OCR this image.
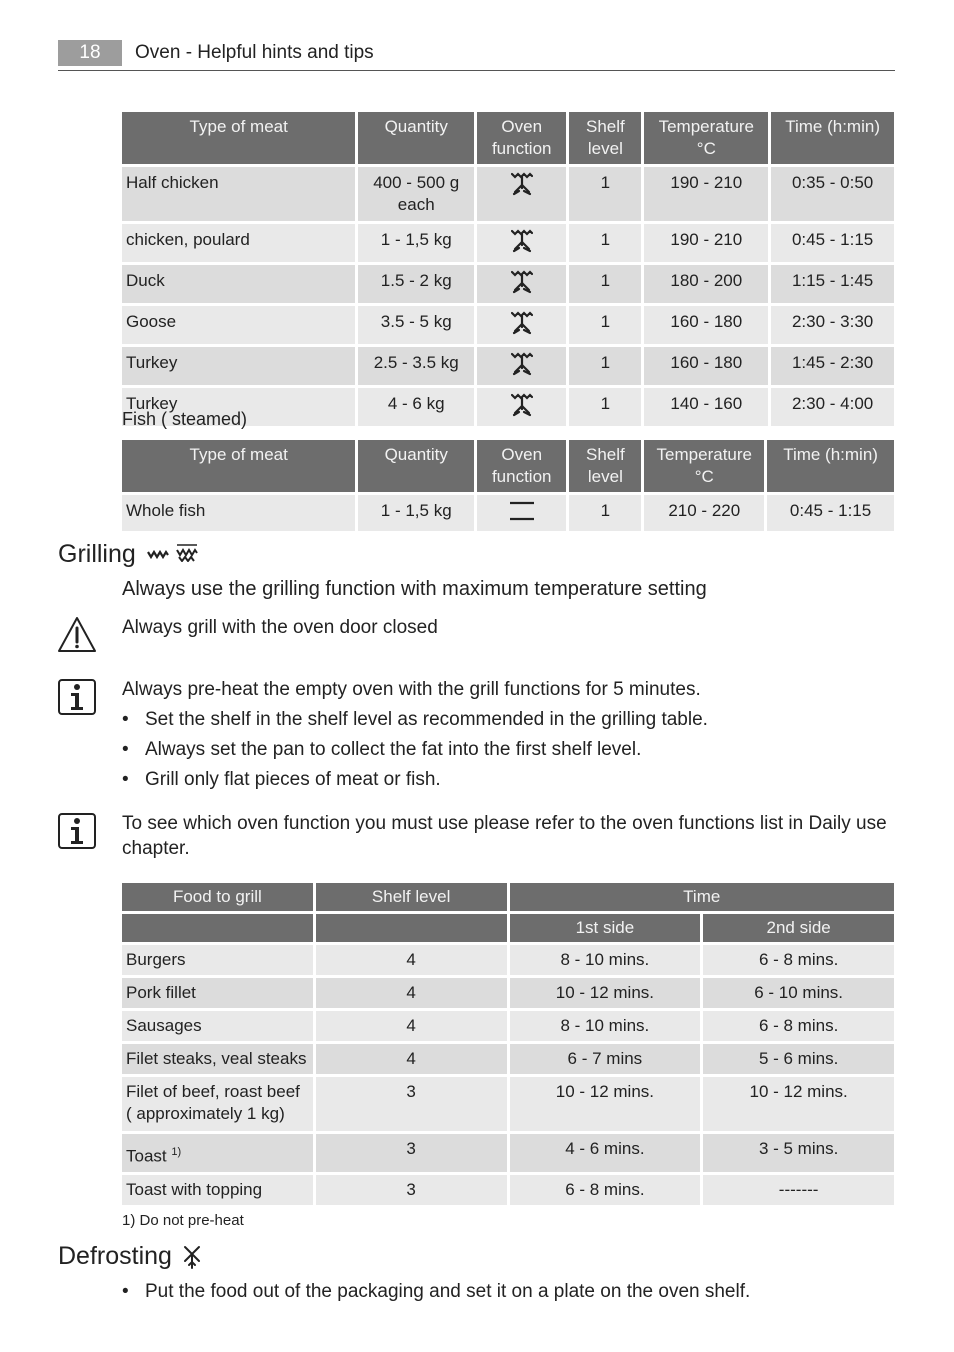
18	Oven - Helpful hints and tips
Type of meat	Quantity	Oven function	Shelf level	Temperature °C	Time (h:min)
Half chicken	400 - 500 g each		1	190 - 210	0:35 - 0:50
chicken, poulard	1 - 1,5 kg		1	190 - 210	0:45 - 1:15
Duck	1.5 - 2 kg		1	180 - 200	1:15 - 1:45
Goose	3.5 - 5 kg		1	160 - 180	2:30 - 3:30
Turkey	2.5 - 3.5 kg		1	160 - 180	1:45 - 2:30
Turkey	4 - 6 kg		1	140 - 160	2:30 - 4:00
Fish ( steamed)
Type of meat	Quantity	Oven function	Shelf level	Temperature °C	Time (h:min)
Whole fish	1 - 1,5 kg		1	210 - 220	0:45 - 1:15
Grilling
Always use the grilling function with maximum temperature setting
Always grill with the oven door closed
Always pre-heat the empty oven with the grill functions for 5 minutes.
• Set the shelf in the shelf level as recommended in the grilling table.
• Always set the pan to collect the fat into the first shelf level.
• Grill only flat pieces of meat or fish.
To see which oven function you must use please refer to the oven functions list in Daily use
chapter.
Food to grill	Shelf level	Time	
		1st side	2nd side
Burgers	4	8 - 10 mins.	6 - 8 mins.
Pork fillet	4	10 - 12 mins.	6 - 10 mins.
Sausages	4	8 - 10 mins.	6 - 8 mins.
Filet steaks, veal steaks	4	6 - 7 mins	5 - 6 mins.

Filet of beef, roast beef
( approximately 1 kg)	3	10 - 12 mins.	10 - 12 mins.
Toast $^{1)}$	3	4 - 6 mins.	3 - 5 mins.
Toast with topping	3	6 - 8 mins.	-------
1) Do not pre-heat
Defrosting
• Put the food out of the packaging and set it on a plate on the oven shelf.
